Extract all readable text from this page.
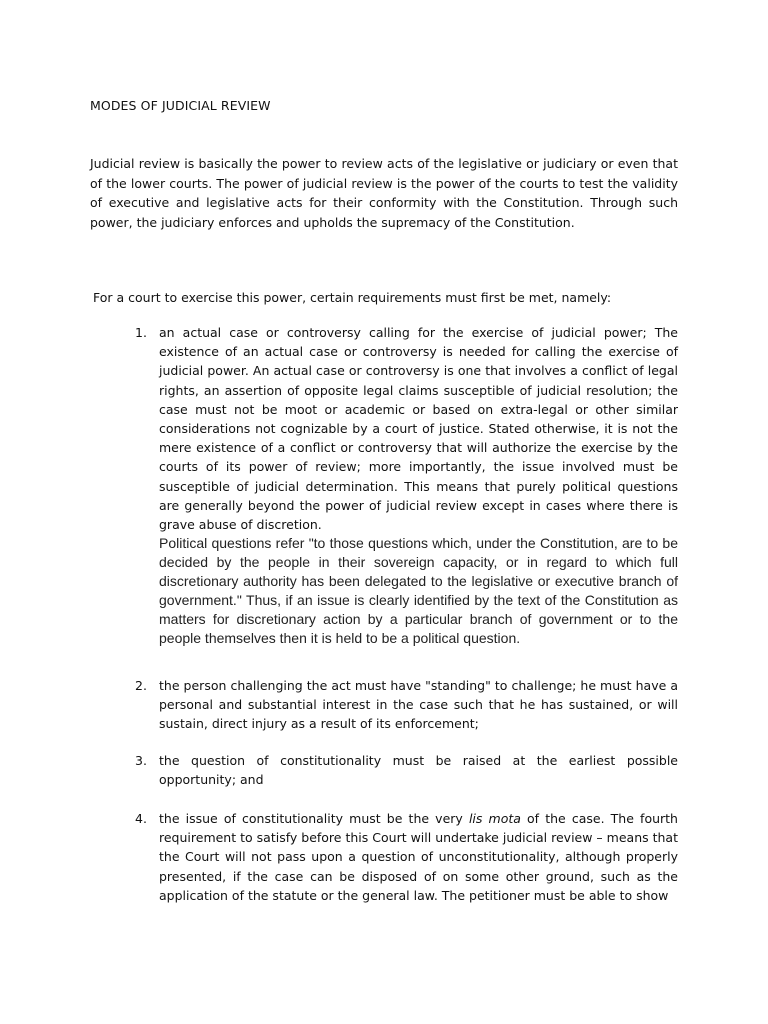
MODES OF JUDICIAL REVIEW

Judicial review is basically the power to review acts of the legislative or judiciary or even that of the lower courts. The power of judicial review is the power of the courts to test the validity of executive and legislative acts for their conformity with the Constitution. Through such power, the judiciary enforces and upholds the supremacy of the Constitution.

For a court to exercise this power, certain requirements must first be met, namely:

1. an actual case or controversy calling for the exercise of judicial power; The existence of an actual case or controversy is needed for calling the exercise of judicial power. An actual case or controversy is one that involves a conflict of legal rights, an assertion of opposite legal claims susceptible of judicial resolution; the case must not be moot or academic or based on extra-legal or other similar considerations not cognizable by a court of justice. Stated otherwise, it is not the mere existence of a conflict or controversy that will authorize the exercise by the courts of its power of review; more importantly, the issue involved must be susceptible of judicial determination. This means that purely political questions are generally beyond the power of judicial review except in cases where there is grave abuse of discretion.

Political questions refer "to those questions which, under the Constitution, are to be decided by the people in their sovereign capacity, or in regard to which full discretionary authority has been delegated to the legislative or executive branch of government." Thus, if an issue is clearly identified by the text of the Constitution as matters for discretionary action by a particular branch of government or to the people themselves then it is held to be a political question.

2. the person challenging the act must have "standing" to challenge; he must have a personal and substantial interest in the case such that he has sustained, or will sustain, direct injury as a result of its enforcement;

3. the question of constitutionality must be raised at the earliest possible opportunity; and

4. the issue of constitutionality must be the very lis mota of the case. The fourth requirement to satisfy before this Court will undertake judicial review – means that the Court will not pass upon a question of unconstitutionality, although properly presented, if the case can be disposed of on some other ground, such as the application of the statute or the general law. The petitioner must be able to show
